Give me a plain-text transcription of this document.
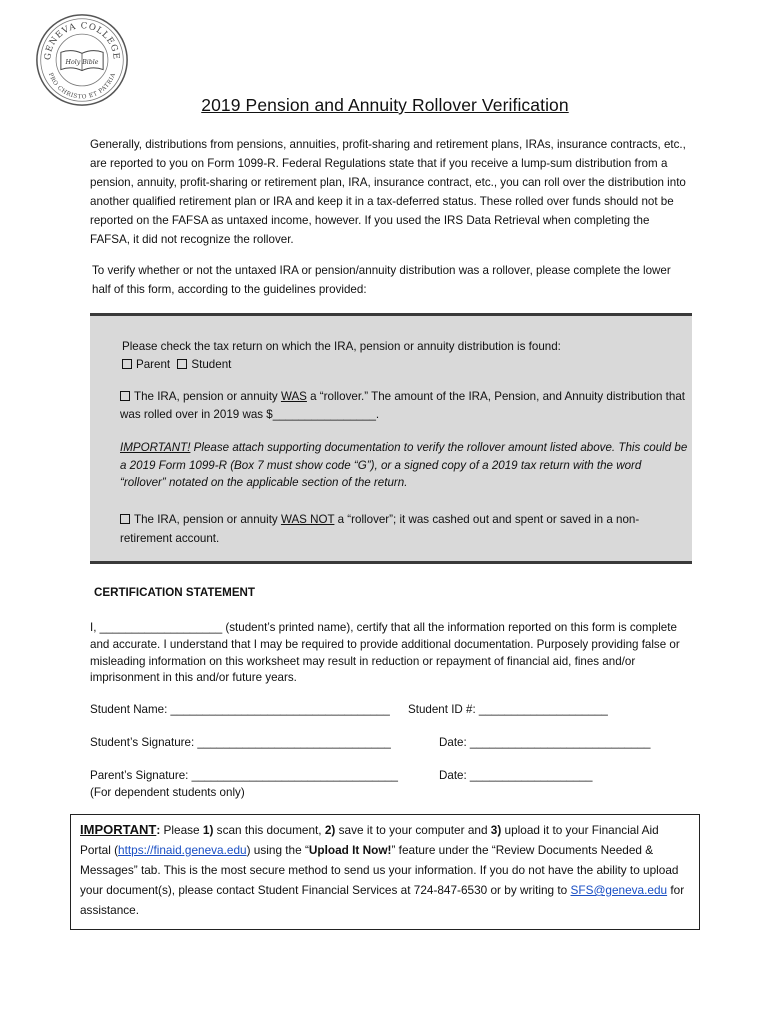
GENEVA COLLEGE
PRO CHRISTO ET PATRIA
Holy Bible
2019 Pension and Annuity Rollover Verification
Generally, distributions from pensions, annuities, profit-sharing and retirement plans, IRAs, insurance contracts, etc., are reported to you on Form 1099-R. Federal Regulations state that if you receive a lump-sum distribution from a pension, annuity, profit-sharing or retirement plan, IRA, insurance contract, etc., you can roll over the distribution into another qualified retirement plan or IRA and keep it in a tax-deferred status. These rolled over funds should not be reported on the FAFSA as untaxed income, however. If you used the IRS Data Retrieval when completing the FAFSA, it did not recognize the rollover.
To verify whether or not the untaxed IRA or pension/annuity distribution was a rollover, please complete the lower half of this form, according to the guidelines provided:
Please check the tax return on which the IRA, pension or annuity distribution is found:
Parent Student
The IRA, pension or annuity WAS a “rollover.” The amount of the IRA, Pension, and Annuity distribution that was rolled over in 2019 was $________________.
IMPORTANT! Please attach supporting documentation to verify the rollover amount listed above. This could be a 2019 Form 1099-R (Box 7 must show code “G”), or a signed copy of a 2019 tax return with the word “rollover” notated on the applicable section of the return.
The IRA, pension or annuity WAS NOT a “rollover”; it was cashed out and spent or saved in a non-retirement account.
CERTIFICATION STATEMENT
I, ___________________ (student’s printed name), certify that all the information reported on this form is complete and accurate. I understand that I may be required to provide additional documentation. Purposely providing false or misleading information on this worksheet may result in reduction or repayment of financial aid, fines and/or imprisonment in this and/or future years.
Student Name: __________________________________ Student ID #: ____________________
Student’s Signature: ______________________________	Date: ____________________________
Parent’s Signature: ________________________________	Date: ___________________
(For dependent students only)
IMPORTANT: Please 1) scan this document, 2) save it to your computer and 3) upload it to your Financial Aid Portal (https://finaid.geneva.edu) using the “Upload It Now!” feature under the “Review Documents Needed & Messages” tab. This is the most secure method to send us your information. If you do not have the ability to upload your document(s), please contact Student Financial Services at 724-847-6530 or by writing to SFS@geneva.edu for assistance.
